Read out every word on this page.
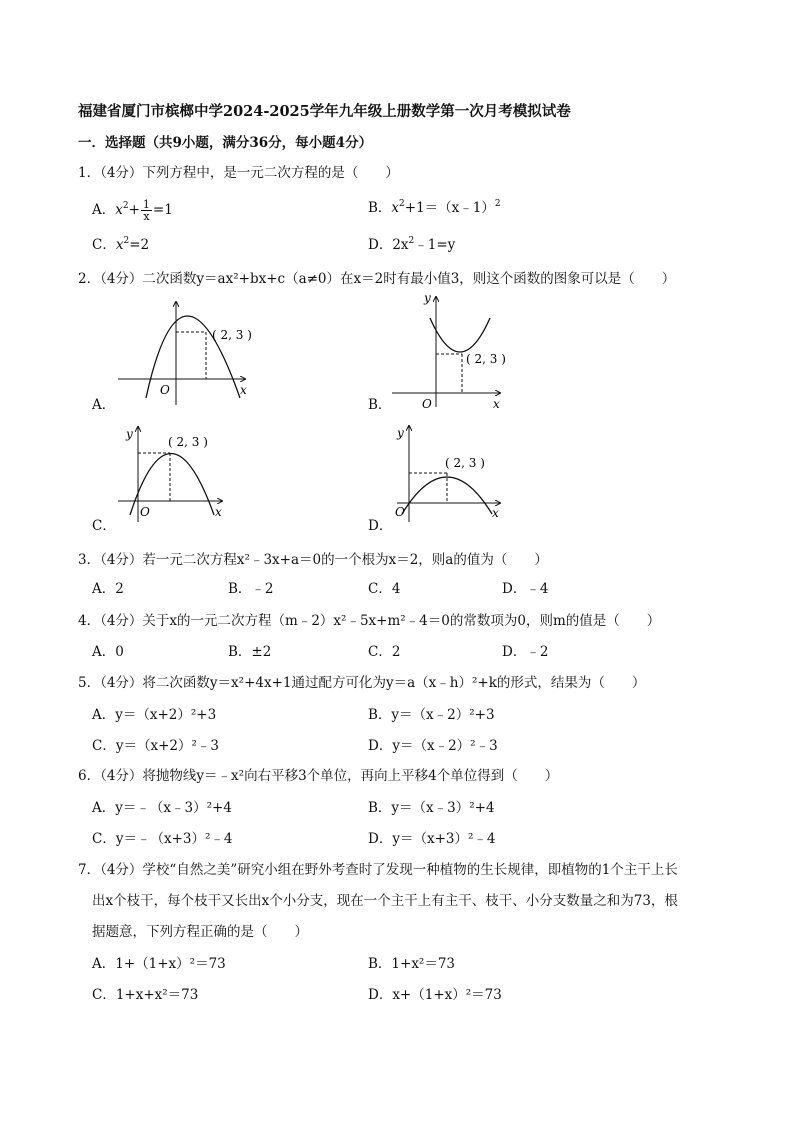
福建省厦门市槟榔中学2024-2025学年九年级上册数学第一次月考模拟试卷
一．选择题（共9小题，满分36分，每小题4分）
1．（4分）下列方程中，是一元二次方程的是（　　）
A．$x^2+ \frac{1}{x} =1$	B．$x^2+1=(x﹣1)^2$
C．$x^2=2$	D．$2x^2﹣1=y$
2．（4分）二次函数y＝ax²+bx+c（a≠0）在x＝2时有最小值3，则这个函数的图象可以是（　　）
( 2, 3 )
O	x
( 2, 3 )
y
O	x
( 2, 3 )
y
O	x
( 2, 3 )
y
O	x
A．	B．
C．	D．
3．（4分）若一元二次方程x²﹣3x+a＝0的一个根为x＝2，则a的值为（　　）
A．2	B．﹣2	C．4	D．﹣4
4．（4分）关于x的一元二次方程（m﹣2）x²﹣5x+m²﹣4＝0的常数项为0，则m的值是（　　）
A．0	B．±2	C．2	D．﹣2
5．（4分）将二次函数y＝x²+4x+1通过配方可化为y＝a（x﹣h）²+k的形式，结果为（　　）
A．y＝（x+2）²+3	B．y＝（x﹣2）²+3
C．y＝（x+2）²﹣3	D．y＝（x﹣2）²﹣3
6．（4分）将抛物线y＝﹣x²向右平移3个单位，再向上平移4个单位得到（　　）
A．y＝﹣（x﹣3）²+4	B．y＝（x﹣3）²+4
C．y＝﹣（x+3）²﹣4	D．y＝（x+3）²﹣4
7．（4分）学校“自然之美”研究小组在野外考查时了发现一种植物的生长规律，即植物的1个主干上长
出x个枝干，每个枝干又长出x个小分支，现在一个主干上有主干、枝干、小分支数量之和为73，根
据题意，下列方程正确的是（　　）
A．1+（1+x）²＝73	B．1+x²＝73
C．1+x+x²＝73	D．x+（1+x）²＝73
